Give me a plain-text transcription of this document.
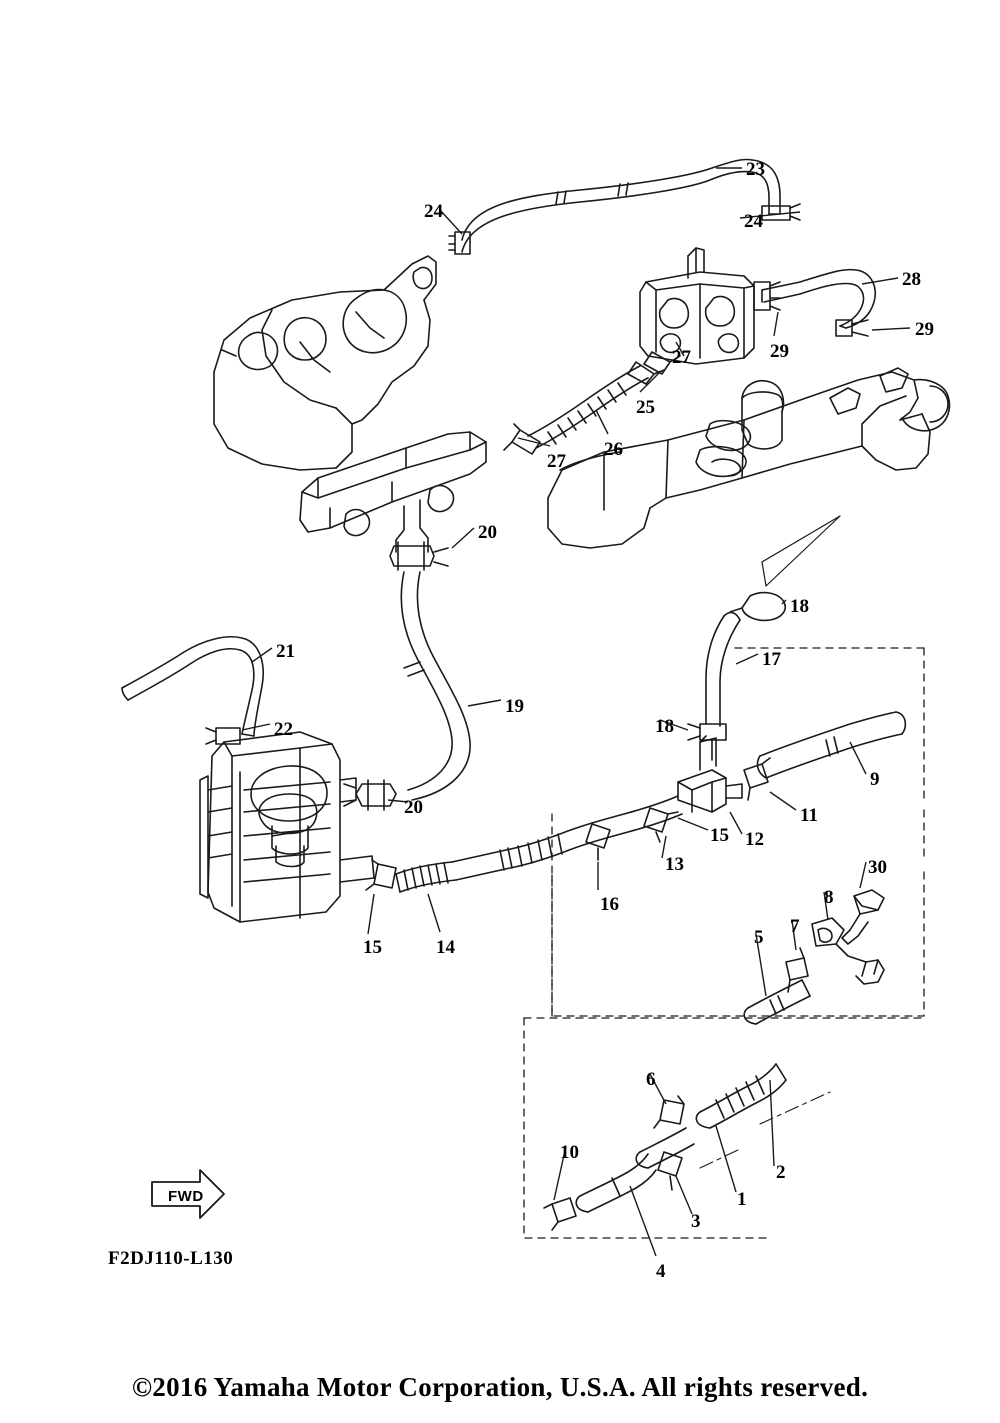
FWD
F2DJ110-L130
©2016 Yamaha Motor Corporation, U.S.A. All rights reserved.
23
24	24
28
29
29
27
25
26
27
20
18
17
21
19
22	18
9
11
20
12
15
13
16
15	14
30
8
7
5
6
2
1
3
10
4
